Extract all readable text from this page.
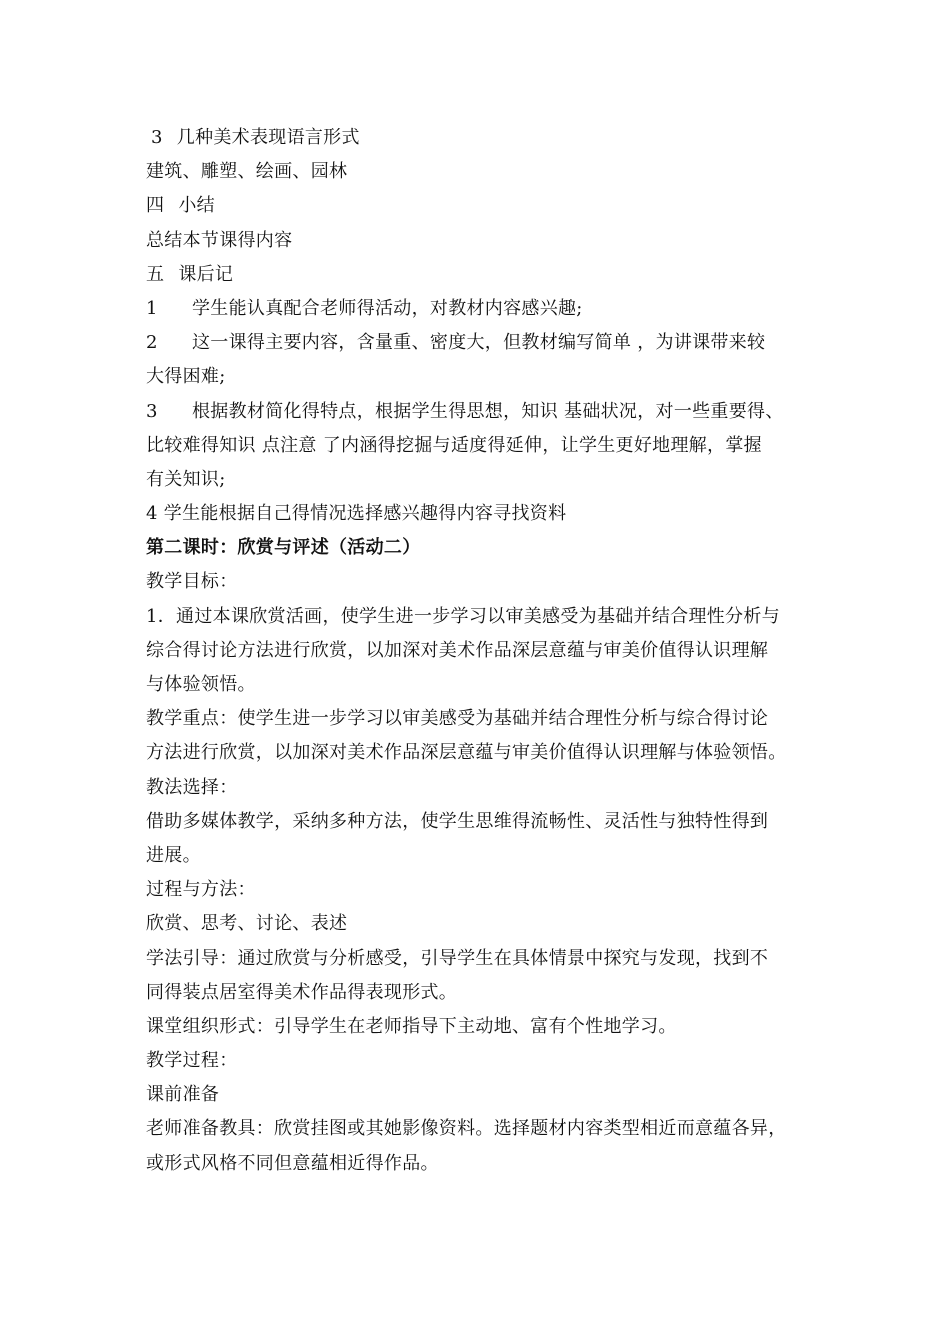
3 几种美术表现语言形式
建筑、雕塑、绘画、园林
四 小结
总结本节课得内容
五 课后记
1 学生能认真配合老师得活动，对教材内容感兴趣;
2 这一课得主要内容，含量重、密度大，但教材编写简单 ，为讲课带来较
大得困难;
3 根据教材简化得特点，根据学生得思想，知识 基础状况，对一些重要得、
比较难得知识 点注意 了内涵得挖掘与适度得延伸，让学生更好地理解，掌握
有关知识;
4 学生能根据自己得情况选择感兴趣得内容寻找资料
第二课时：欣赏与评述（活动二）
教学目标：
1．通过本课欣赏活画，使学生进一步学习以审美感受为基础并结合理性分析与
综合得讨论方法进行欣赏，以加深对美术作品深层意蕴与审美价值得认识理解
与体验领悟。
教学重点：使学生进一步学习以审美感受为基础并结合理性分析与综合得讨论
方法进行欣赏，以加深对美术作品深层意蕴与审美价值得认识理解与体验领悟。
教法选择：
借助多媒体教学，采纳多种方法，使学生思维得流畅性、灵活性与独特性得到
进展。
过程与方法：
欣赏、思考、讨论、表述
学法引导：通过欣赏与分析感受，引导学生在具体情景中探究与发现，找到不
同得装点居室得美术作品得表现形式。
课堂组织形式：引导学生在老师指导下主动地、富有个性地学习。
教学过程：
课前准备
老师准备教具：欣赏挂图或其她影像资料。选择题材内容类型相近而意蕴各异，
或形式风格不同但意蕴相近得作品。
